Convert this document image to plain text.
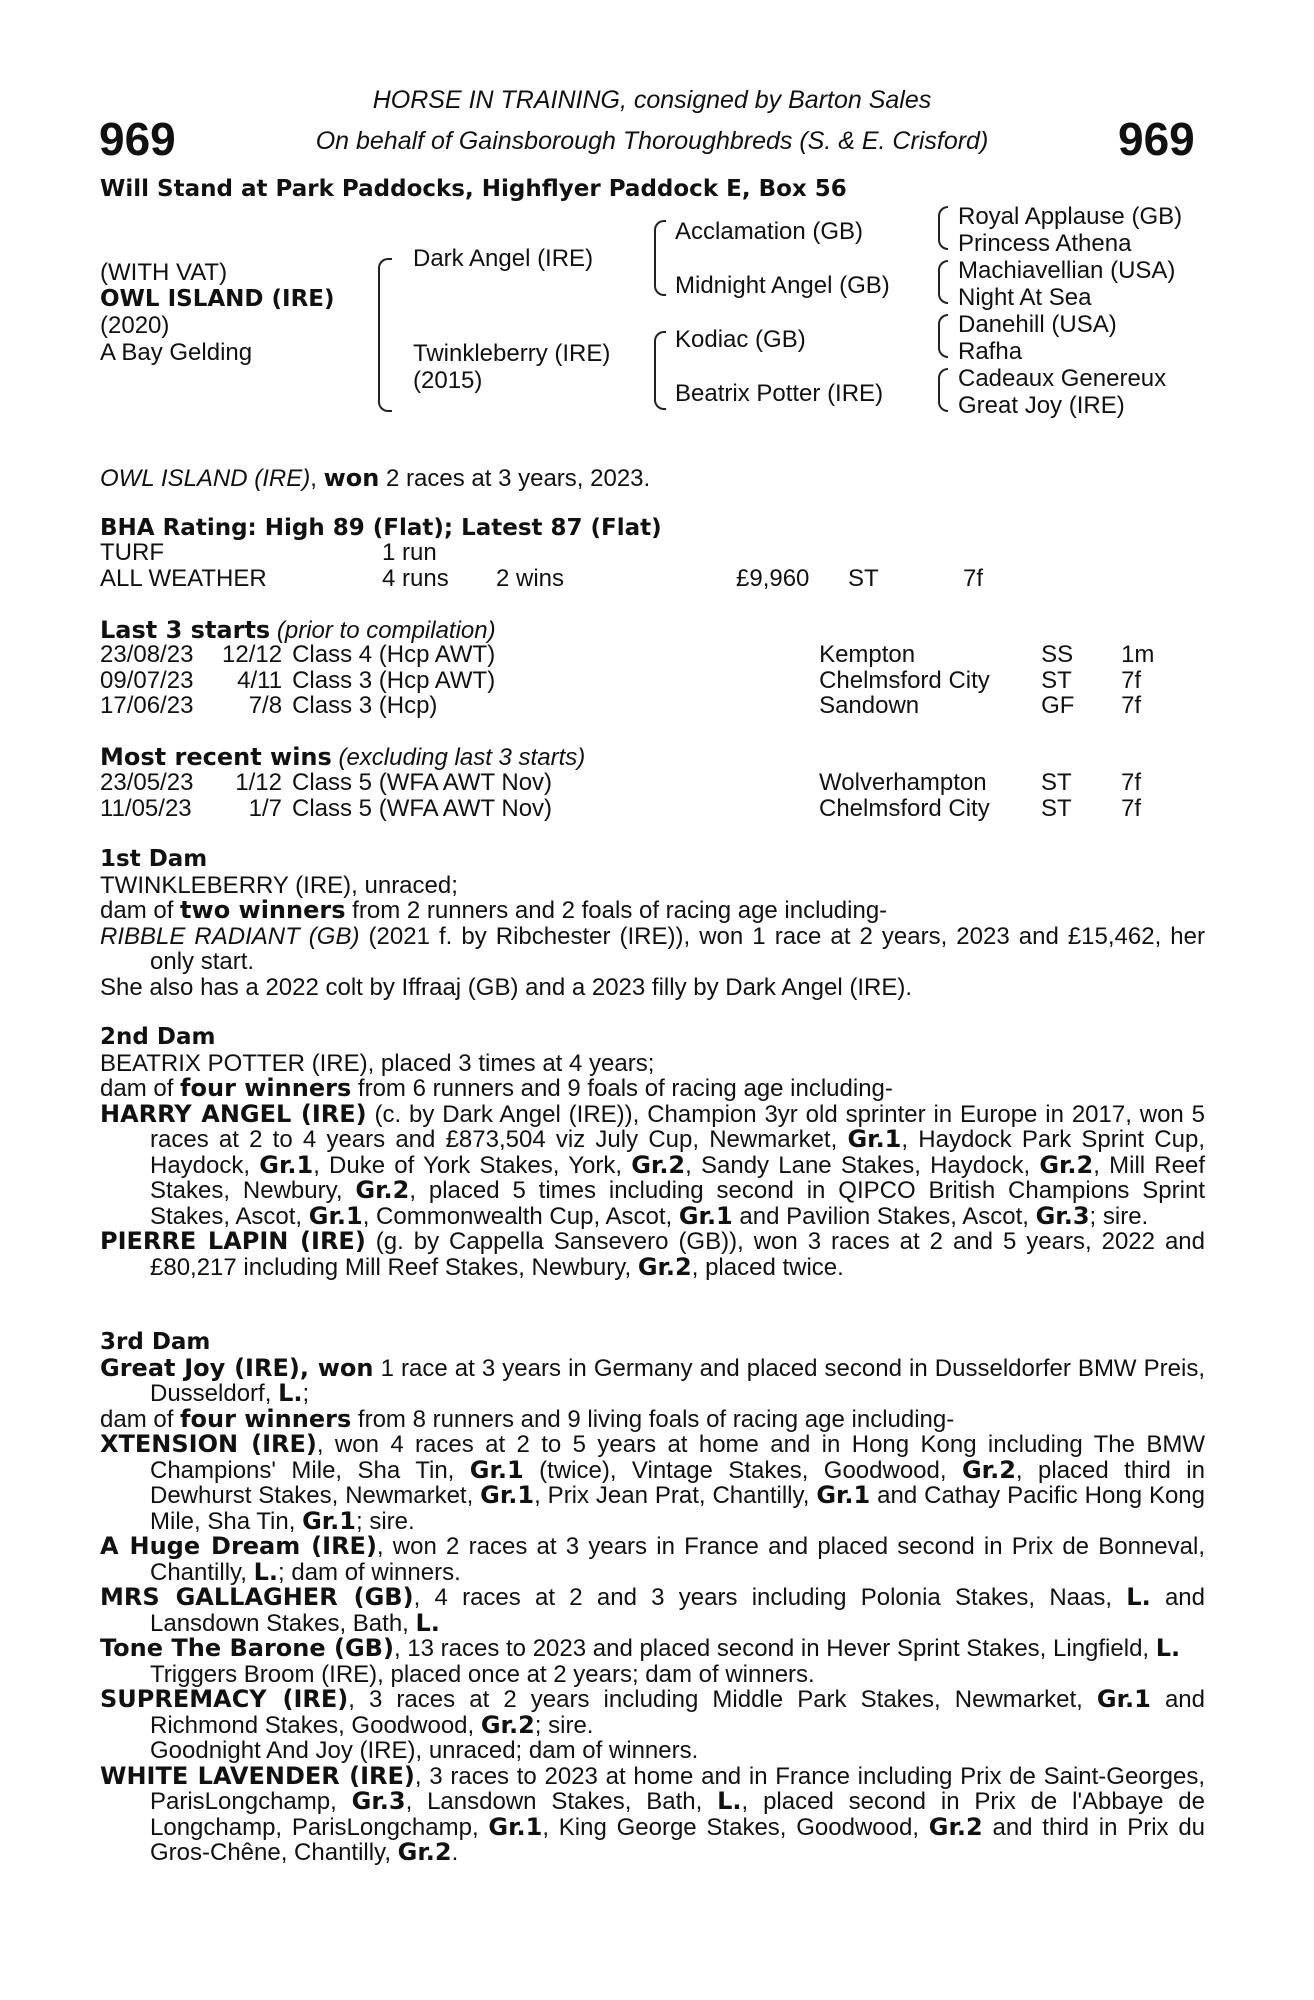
969	969
HORSE IN TRAINING, consigned by Barton Sales
On behalf of Gainsborough Thoroughbreds (S. & E. Crisford)
Will Stand at Park Paddocks, Highflyer Paddock E, Box 56
(WITH VAT)
OWL ISLAND (IRE)
(2020)
A Bay Gelding
Dark Angel (IRE)
Twinkleberry (IRE)
(2015)
Acclamation (GB)
Midnight Angel (GB)
Kodiac (GB)
Beatrix Potter (IRE)
Royal Applause (GB)
Princess Athena
Machiavellian (USA)
Night At Sea
Danehill (USA)
Rafha
Cadeaux Genereux
Great Joy (IRE)
OWL ISLAND (IRE), won 2 races at 3 years, 2023.
BHA Rating: High 89 (Flat); Latest 87 (Flat)
TURF	1 run				
ALL WEATHER	4 runs	2 wins	£9,960	ST	7f
Last 3 starts (prior to compilation)
23/08/23	12/12	Class 4 (Hcp AWT)	Kempton	SS	1m
09/07/23	4/11	Class 3 (Hcp AWT)	Chelmsford City	ST	7f
17/06/23	7/8	Class 3 (Hcp)	Sandown	GF	7f
Most recent wins (excluding last 3 starts)
23/05/23	1/12	Class 5 (WFA AWT Nov)	Wolverhampton	ST	7f
11/05/23	1/7	Class 5 (WFA AWT Nov)	Chelmsford City	ST	7f

1st Dam

TWINKLEBERRY (IRE), unraced;

dam of two winners from 2 runners and 2 foals of racing age including-

RIBBLE RADIANT (GB) (2021 f. by Ribchester (IRE)), won 1 race at 2 years, 2023 and £15,462, her only start.

She also has a 2022 colt by Iffraaj (GB) and a 2023 filly by Dark Angel (IRE).

2nd Dam

BEATRIX POTTER (IRE), placed 3 times at 4 years;

dam of four winners from 6 runners and 9 foals of racing age including-

HARRY ANGEL (IRE) (c. by Dark Angel (IRE)), Champion 3yr old sprinter in Europe in 2017, won 5 races at 2 to 4 years and £873,504 viz July Cup, Newmarket, Gr.1, Haydock Park Sprint Cup, Haydock, Gr.1, Duke of York Stakes, York, Gr.2, Sandy Lane Stakes, Haydock, Gr.2, Mill Reef Stakes, Newbury, Gr.2, placed 5 times including second in QIPCO British Champions Sprint Stakes, Ascot, Gr.1, Commonwealth Cup, Ascot, Gr.1 and Pavilion Stakes, Ascot, Gr.3; sire.

PIERRE LAPIN (IRE) (g. by Cappella Sansevero (GB)), won 3 races at 2 and 5 years, 2022 and £80,217 including Mill Reef Stakes, Newbury, Gr.2, placed twice.

3rd Dam

Great Joy (IRE), won 1 race at 3 years in Germany and placed second in Dusseldorfer BMW Preis, Dusseldorf, L.;

dam of four winners from 8 runners and 9 living foals of racing age including-

XTENSION (IRE), won 4 races at 2 to 5 years at home and in Hong Kong including The BMW Champions' Mile, Sha Tin, Gr.1 (twice), Vintage Stakes, Goodwood, Gr.2, placed third in Dewhurst Stakes, Newmarket, Gr.1, Prix Jean Prat, Chantilly, Gr.1 and Cathay Pacific Hong Kong Mile, Sha Tin, Gr.1; sire.

A Huge Dream (IRE), won 2 races at 3 years in France and placed second in Prix de Bonneval, Chantilly, L.; dam of winners.

MRS GALLAGHER (GB), 4 races at 2 and 3 years including Polonia Stakes, Naas, L. and Lansdown Stakes, Bath, L.

Tone The Barone (GB), 13 races to 2023 and placed second in Hever Sprint Stakes, Lingfield, L.

Triggers Broom (IRE), placed once at 2 years; dam of winners.

SUPREMACY (IRE), 3 races at 2 years including Middle Park Stakes, Newmarket, Gr.1 and Richmond Stakes, Goodwood, Gr.2; sire.

Goodnight And Joy (IRE), unraced; dam of winners.

WHITE LAVENDER (IRE), 3 races to 2023 at home and in France including Prix de Saint-Georges, ParisLongchamp, Gr.3, Lansdown Stakes, Bath, L., placed second in Prix de l'Abbaye de Longchamp, ParisLongchamp, Gr.1, King George Stakes, Goodwood, Gr.2 and third in Prix du Gros-Chêne, Chantilly, Gr.2.
